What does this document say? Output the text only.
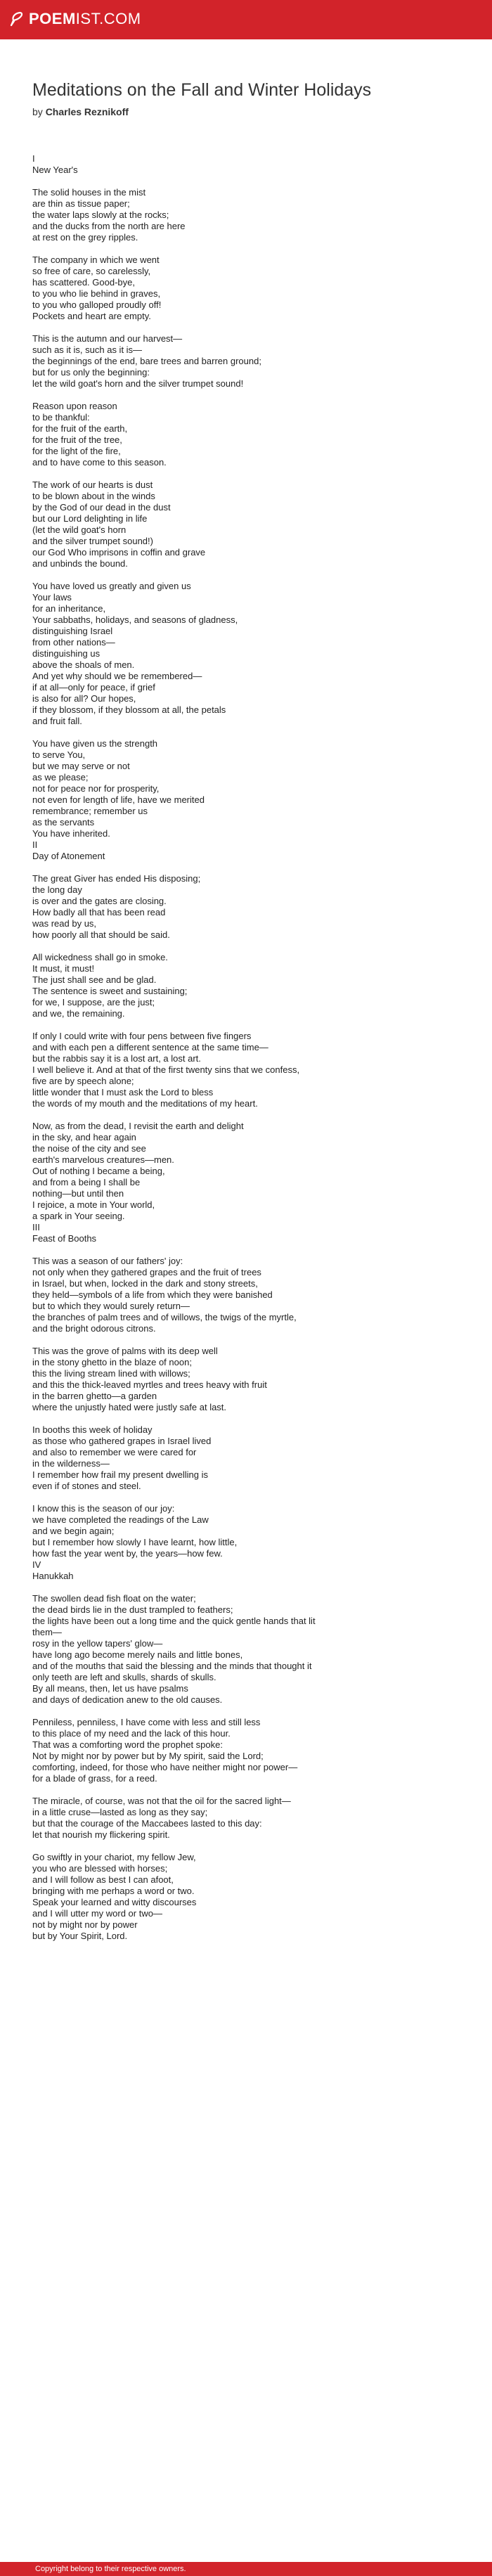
POEMIST.COM
Meditations on the Fall and Winter Holidays
by Charles Reznikoff
I
New Year's
The solid houses in the mist
are thin as tissue paper;
the water laps slowly at the rocks;
and the ducks from the north are here
at rest on the grey ripples.
The company in which we went
so free of care, so carelessly,
has scattered. Good-bye,
to you who lie behind in graves,
to you who galloped proudly off!
Pockets and heart are empty.
This is the autumn and our harvest—
such as it is, such as it is—
the beginnings of the end, bare trees and barren ground;
but for us only the beginning:
let the wild goat's horn and the silver trumpet sound!
Reason upon reason
to be thankful:
for the fruit of the earth,
for the fruit of the tree,
for the light of the fire,
and to have come to this season.
The work of our hearts is dust
to be blown about in the winds
by the God of our dead in the dust
but our Lord delighting in life
(let the wild goat's horn
and the silver trumpet sound!)
our God Who imprisons in coffin and grave
and unbinds the bound.
You have loved us greatly and given us
Your laws
for an inheritance,
Your sabbaths, holidays, and seasons of gladness,
distinguishing Israel
from other nations—
distinguishing us
above the shoals of men.
And yet why should we be remembered—
if at all—only for peace, if grief
is also for all? Our hopes,
if they blossom, if they blossom at all, the petals
and fruit fall.
You have given us the strength
to serve You,
but we may serve or not
as we please;
not for peace nor for prosperity,
not even for length of life, have we merited
remembrance; remember us
as the servants
You have inherited.
II
Day of Atonement
The great Giver has ended His disposing;
the long day
is over and the gates are closing.
How badly all that has been read
was read by us,
how poorly all that should be said.
All wickedness shall go in smoke.
It must, it must!
The just shall see and be glad.
The sentence is sweet and sustaining;
for we, I suppose, are the just;
and we, the remaining.
If only I could write with four pens between five fingers
and with each pen a different sentence at the same time—
but the rabbis say it is a lost art, a lost art.
I well believe it. And at that of the first twenty sins that we confess,
five are by speech alone;
little wonder that I must ask the Lord to bless
the words of my mouth and the meditations of my heart.
Now, as from the dead, I revisit the earth and delight
in the sky, and hear again
the noise of the city and see
earth's marvelous creatures—men.
Out of nothing I became a being,
and from a being I shall be
nothing—but until then
I rejoice, a mote in Your world,
a spark in Your seeing.
III
Feast of Booths
This was a season of our fathers' joy:
not only when they gathered grapes and the fruit of trees
in Israel, but when, locked in the dark and stony streets,
they held—symbols of a life from which they were banished
but to which they would surely return—
the branches of palm trees and of willows, the twigs of the myrtle,
and the bright odorous citrons.
This was the grove of palms with its deep well
in the stony ghetto in the blaze of noon;
this the living stream lined with willows;
and this the thick-leaved myrtles and trees heavy with fruit
in the barren ghetto—a garden
where the unjustly hated were justly safe at last.
In booths this week of holiday
as those who gathered grapes in Israel lived
and also to remember we were cared for
in the wilderness—
I remember how frail my present dwelling is
even if of stones and steel.
I know this is the season of our joy:
we have completed the readings of the Law
and we begin again;
but I remember how slowly I have learnt, how little,
how fast the year went by, the years—how few.
IV
Hanukkah
The swollen dead fish float on the water;
the dead birds lie in the dust trampled to feathers;
the lights have been out a long time and the quick gentle hands that lit
them—
rosy in the yellow tapers' glow—
have long ago become merely nails and little bones,
and of the mouths that said the blessing and the minds that thought it
only teeth are left and skulls, shards of skulls.
By all means, then, let us have psalms
and days of dedication anew to the old causes.
Penniless, penniless, I have come with less and still less
to this place of my need and the lack of this hour.
That was a comforting word the prophet spoke:
Not by might nor by power but by My spirit, said the Lord;
comforting, indeed, for those who have neither might nor power—
for a blade of grass, for a reed.
The miracle, of course, was not that the oil for the sacred light—
in a little cruse—lasted as long as they say;
but that the courage of the Maccabees lasted to this day:
let that nourish my flickering spirit.
Go swiftly in your chariot, my fellow Jew,
you who are blessed with horses;
and I will follow as best I can afoot,
bringing with me perhaps a word or two.
Speak your learned and witty discourses
and I will utter my word or two—
not by might nor by power
but by Your Spirit, Lord.
Copyright belong to their respective owners.
